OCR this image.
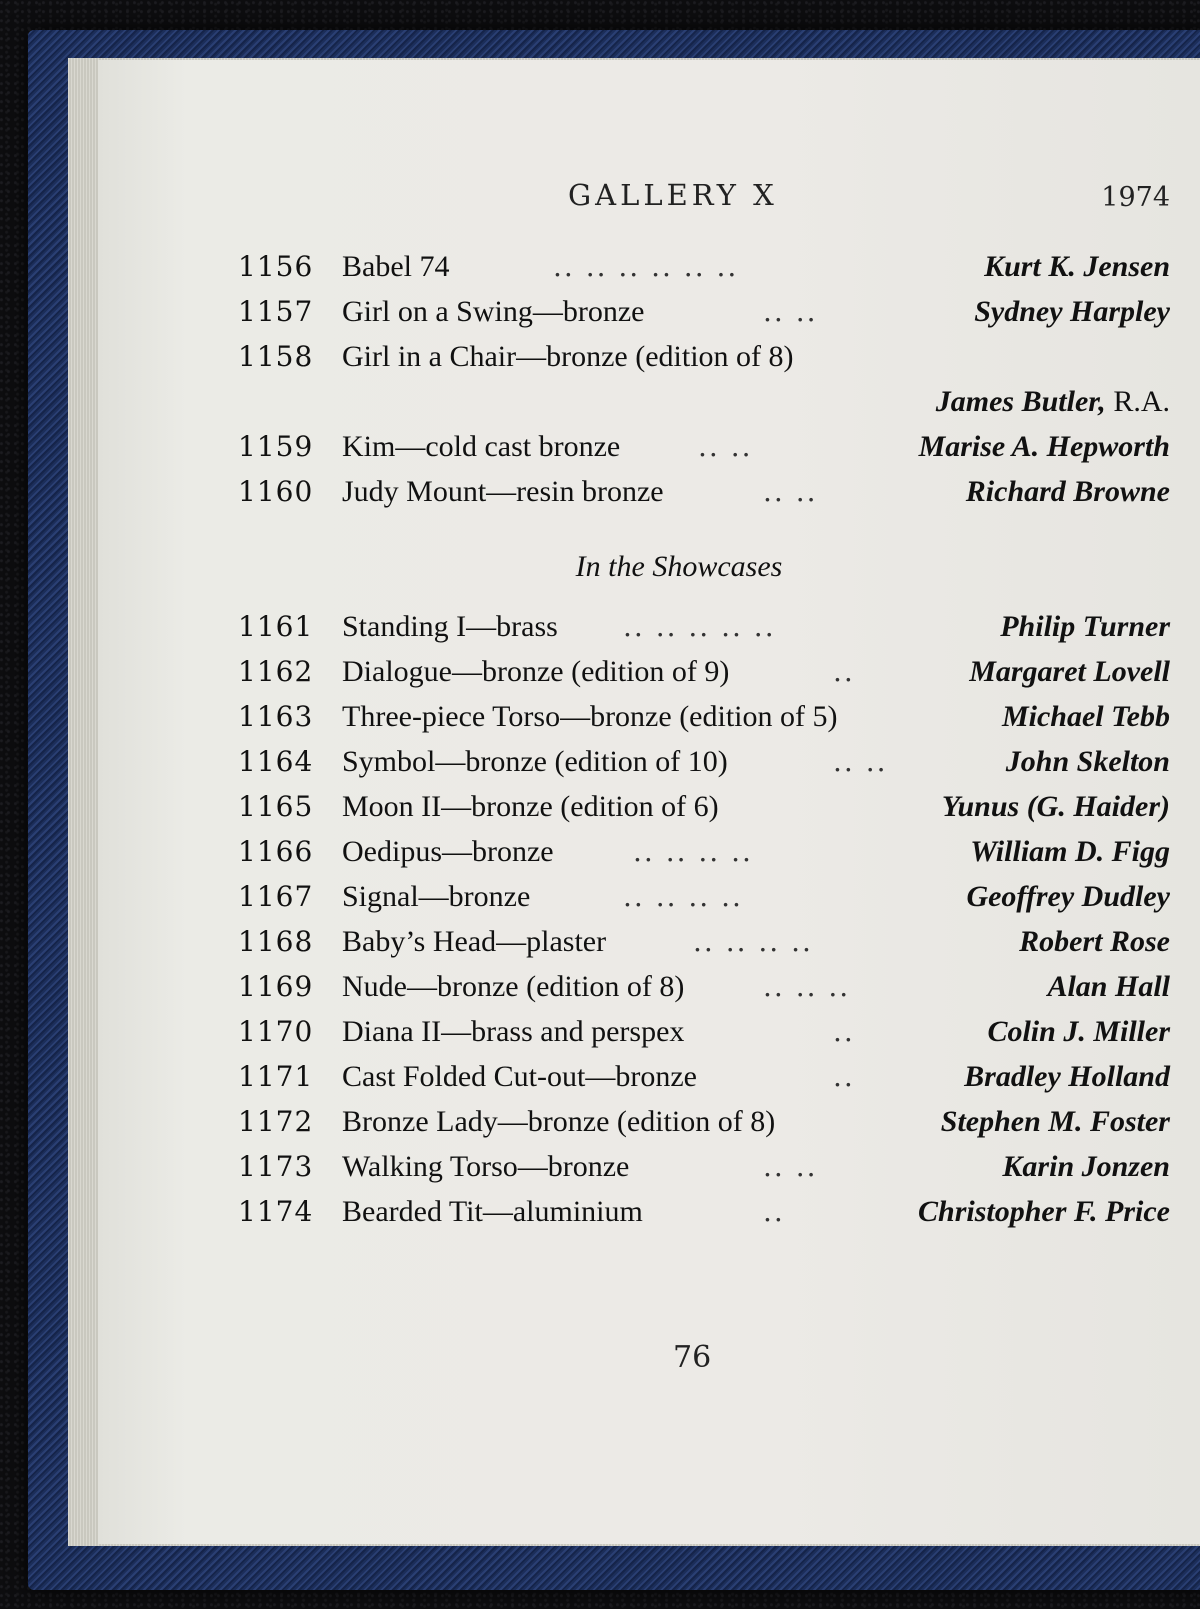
GALLERY X	1974
1156 Babel 74	.. .. .. .. .. ..	Kurt K. Jensen
1157 Girl on a Swing—bronze	.. ..	Sydney Harpley
1158 Girl in a Chair—bronze (edition of 8)
James Butler, R.A.
1159 Kim—cold cast bronze	.. ..	Marise A. Hepworth
1160 Judy Mount—resin bronze	.. ..	Richard Browne
In the Showcases
1161 Standing I—brass .. .. .. .. ..	Philip Turner
1162 Dialogue—bronze (edition of 9)	..	Margaret Lovell
1163 Three-piece Torso—bronze (edition of 5)	Michael Tebb
1164 Symbol—bronze (edition of 10)	.. ..	John Skelton
1165 Moon II—bronze (edition of 6)	Yunus (G. Haider)
1166 Oedipus—bronze	.. .. .. ..	William D. Figg
1167 Signal—bronze	.. .. .. ..	Geoffrey Dudley
1168 Baby’s Head—plaster	.. .. .. ..	Robert Rose
1169 Nude—bronze (edition of 8)	.. .. ..	Alan Hall
1170 Diana II—brass and perspex	..	Colin J. Miller
1171 Cast Folded Cut-out—bronze	..	Bradley Holland
1172 Bronze Lady—bronze (edition of 8)	Stephen M. Foster
1173 Walking Torso—bronze	.. ..	Karin Jonzen
1174 Bearded Tit—aluminium	..	Christopher F. Price
76
